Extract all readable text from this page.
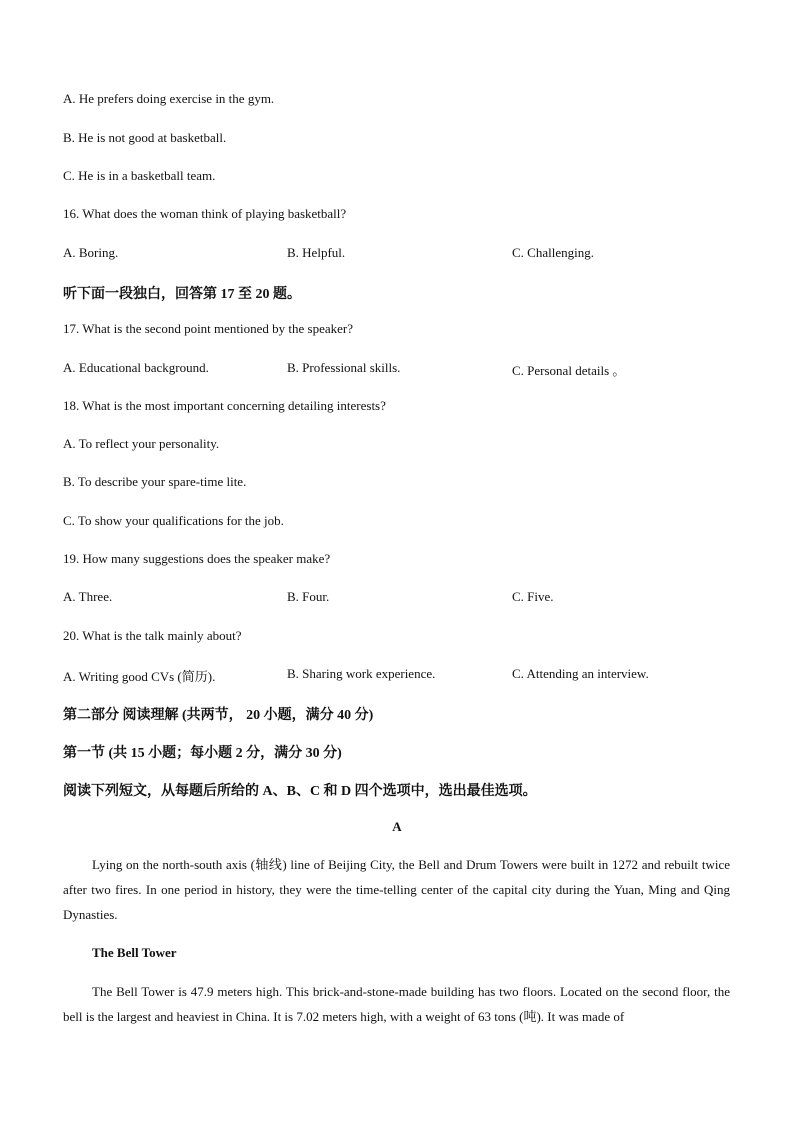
A. He prefers doing exercise in the gym.
B. He is not good at basketball.
C. He is in a basketball team.
16. What does the woman think of playing basketball?
A. Boring.	B. Helpful.	C. Challenging.
听下面一段独白，回答第 17 至 20 题。
17. What is the second point mentioned by the speaker?
A. Educational background.	B. Professional skills.	C. Personal details 。
18. What is the most important concerning detailing interests?
A. To reflect your personality.
B. To describe your spare-time lite.
C. To show your qualifications for the job.
19. How many suggestions does the speaker make?
A. Three.	B. Four.	C. Five.
20. What is the talk mainly about?
A. Writing good CVs (简历).	B. Sharing work experience.	C. Attending an interview.
第二部分 阅读理解 (共两节， 20 小题，满分 40 分)
第一节 (共 15 小题；每小题 2 分，满分 30 分)
阅读下列短文，从每题后所给的 A、B、C 和 D 四个选项中，选出最佳选项。
A
Lying on the north-south axis (轴线) line of Beijing City, the Bell and Drum Towers were built in 1272 and rebuilt twice after two fires. In one period in history, they were the time-telling center of the capital city during the Yuan, Ming and Qing Dynasties.
The Bell Tower
The Bell Tower is 47.9 meters high. This brick-and-stone-made building has two floors. Located on the second floor, the bell is the largest and heaviest in China. It is 7.02 meters high, with a weight of 63 tons (吨). It was made of
